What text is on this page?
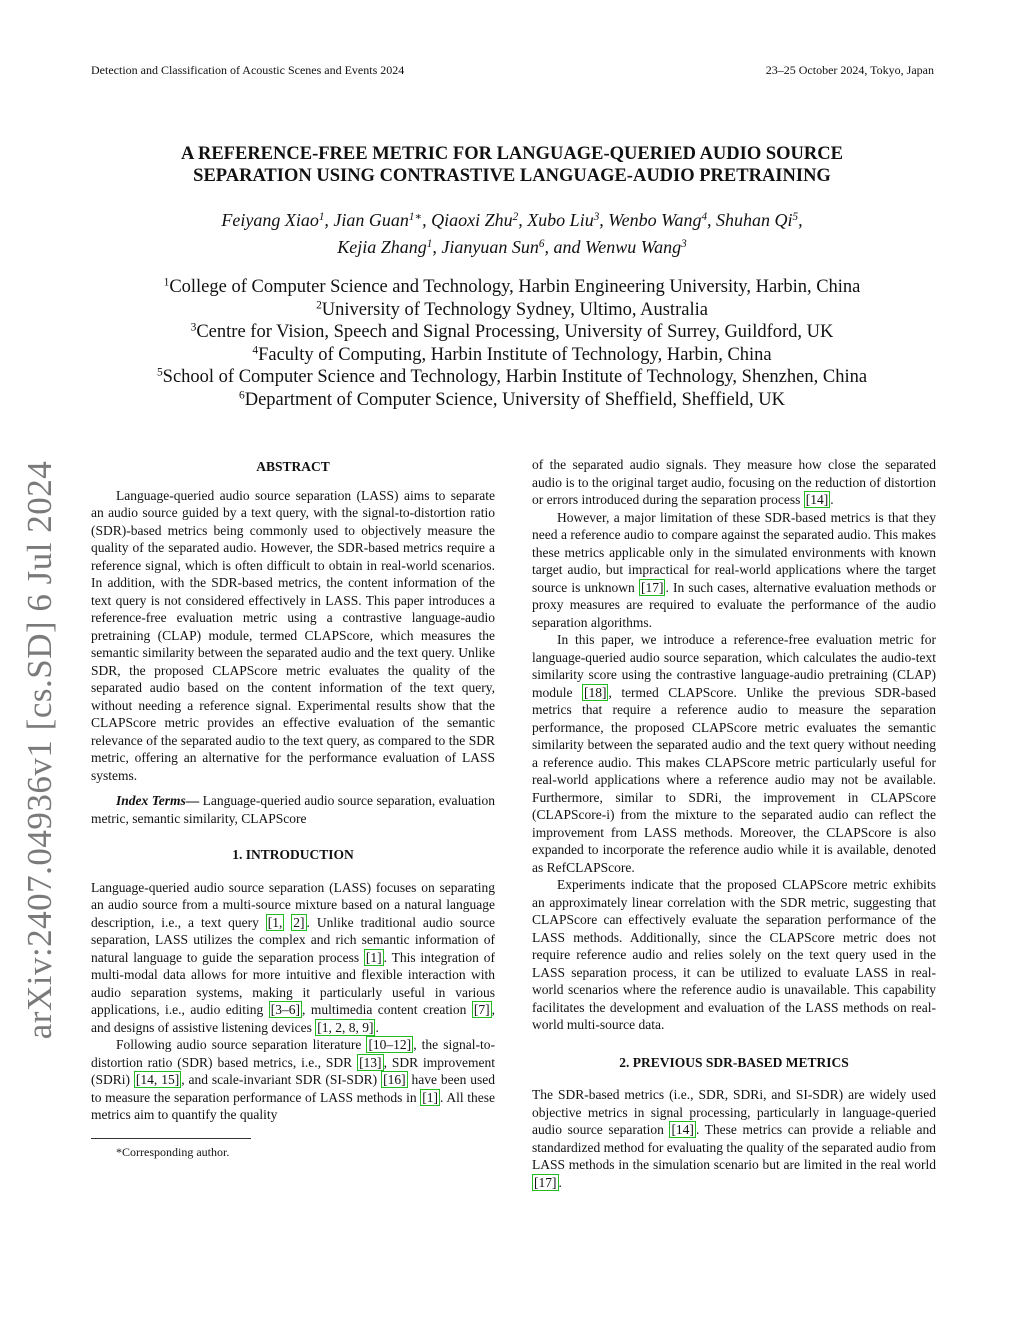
Detection and Classification of Acoustic Scenes and Events 2024	23–25 October 2024, Tokyo, Japan
arXiv:2407.04936v1 [cs.SD] 6 Jul 2024
A REFERENCE-FREE METRIC FOR LANGUAGE-QUERIED AUDIO SOURCE
SEPARATION USING CONTRASTIVE LANGUAGE-AUDIO PRETRAINING
Feiyang Xiao$^1$, Jian Guan$^{1∗}$, Qiaoxi Zhu$^2$, Xubo Liu$^3$, Wenbo Wang$^4$, Shuhan Qi$^5$,
Kejia Zhang$^1$, Jianyuan Sun$^6$, and Wenwu Wang$^3$
$^1$College of Computer Science and Technology, Harbin Engineering University, Harbin, China
$^2$University of Technology Sydney, Ultimo, Australia
$^3$Centre for Vision, Speech and Signal Processing, University of Surrey, Guildford, UK
$^4$Faculty of Computing, Harbin Institute of Technology, Harbin, China
$^5$School of Computer Science and Technology, Harbin Institute of Technology, Shenzhen, China
$^6$Department of Computer Science, University of Sheffield, Sheffield, UK
ABSTRACT

Language-queried audio source separation (LASS) aims to separate an audio source guided by a text query, with the signal-to-distortion ratio (SDR)-based metrics being commonly used to objectively measure the quality of the separated audio. However, the SDR-based metrics require a reference signal, which is often difficult to obtain in real-world scenarios. In addition, with the SDR-based metrics, the content information of the text query is not considered effectively in LASS. This paper introduces a reference-free evaluation metric using a contrastive language-audio pretraining (CLAP) module, termed CLAPScore, which measures the semantic similarity between the separated audio and the text query. Unlike SDR, the proposed CLAPScore metric evaluates the quality of the separated audio based on the content information of the text query, without needing a reference signal. Experimental results show that the CLAPScore metric provides an effective evaluation of the semantic relevance of the separated audio to the text query, as compared to the SDR metric, offering an alternative for the performance evaluation of LASS systems.

Index Terms— Language-queried audio source separation, evaluation metric, semantic similarity, CLAPScore

1. INTRODUCTION

Language-queried audio source separation (LASS) focuses on separating an audio source from a multi-source mixture based on a natural language description, i.e., a text query [1, 2] . Unlike traditional audio source separation, LASS utilizes the complex and rich semantic information of natural language to guide the separation process [1] . This integration of multi-modal data allows for more intuitive and flexible interaction with audio separation systems, making it particularly useful in various applications, i.e., audio editing [3–6] , multimedia content creation [7] , and designs of assistive listening devices [1, 2, 8, 9] .

Following audio source separation literature [10–12] , the signal-to-distortion ratio (SDR) based metrics, i.e., SDR [13] , SDR improvement (SDRi) [14, 15] , and scale-invariant SDR (SI-SDR) [16] have been used to measure the separation performance of LASS methods in [1] . All these metrics aim to quantify the quality

*Corresponding author.

of the separated audio signals. They measure how close the separated audio is to the original target audio, focusing on the reduction of distortion or errors introduced during the separation process [14] .

However, a major limitation of these SDR-based metrics is that they need a reference audio to compare against the separated audio. This makes these metrics applicable only in the simulated environments with known target audio, but impractical for real-world applications where the target source is unknown [17] . In such cases, alternative evaluation methods or proxy measures are required to evaluate the performance of the audio separation algorithms.

In this paper, we introduce a reference-free evaluation metric for language-queried audio source separation, which calculates the audio-text similarity score using the contrastive language-audio pretraining (CLAP) module [18] , termed CLAPScore. Unlike the previous SDR-based metrics that require a reference audio to measure the separation performance, the proposed CLAPScore metric evaluates the semantic similarity between the separated audio and the text query without needing a reference audio. This makes CLAPScore metric particularly useful for real-world applications where a reference audio may not be available. Furthermore, similar to SDRi, the improvement in CLAPScore (CLAPScore-i) from the mixture to the separated audio can reflect the improvement from LASS methods. Moreover, the CLAPScore is also expanded to incorporate the reference audio while it is available, denoted as RefCLAPScore.

Experiments indicate that the proposed CLAPScore metric exhibits an approximately linear correlation with the SDR metric, suggesting that CLAPScore can effectively evaluate the separation performance of the LASS methods. Additionally, since the CLAPScore metric does not require reference audio and relies solely on the text query used in the LASS separation process, it can be utilized to evaluate LASS in real-world scenarios where the reference audio is unavailable. This capability facilitates the development and evaluation of the LASS methods on real-world multi-source data.

2. PREVIOUS SDR-BASED METRICS

The SDR-based metrics (i.e., SDR, SDRi, and SI-SDR) are widely used objective metrics in signal processing, particularly in language-queried audio source separation [14] . These metrics can provide a reliable and standardized method for evaluating the quality of the separated audio from LASS methods in the simulation scenario but are limited in the real world [17] .
